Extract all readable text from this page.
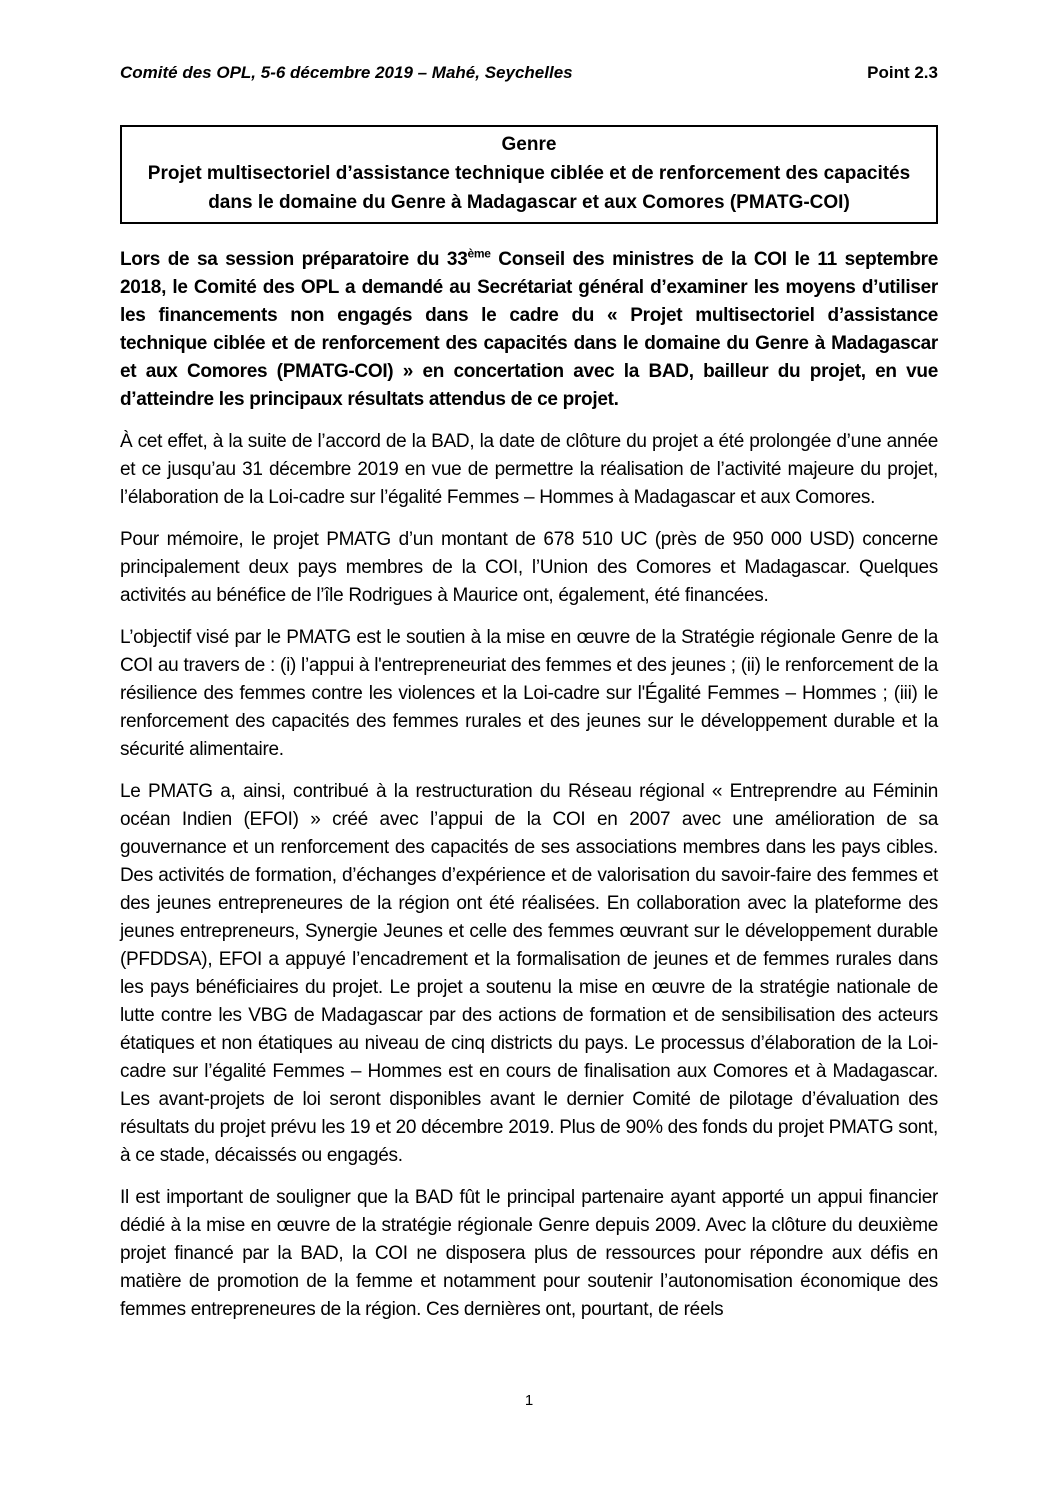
Comité des OPL, 5-6 décembre 2019 – Mahé, Seychelles	Point 2.3
Genre
Projet multisectoriel d’assistance technique ciblée et de renforcement des capacités dans le domaine du Genre à Madagascar et aux Comores (PMATG-COI)

Lors de sa session préparatoire du 33ème Conseil des ministres de la COI le 11 septembre 2018, le Comité des OPL a demandé au Secrétariat général d’examiner les moyens d’utiliser les financements non engagés dans le cadre du « Projet multisectoriel d’assistance technique ciblée et de renforcement des capacités dans le domaine du Genre à Madagascar et aux Comores (PMATG-COI) » en concertation avec la BAD, bailleur du projet, en vue d’atteindre les principaux résultats attendus de ce projet.

À cet effet, à la suite de l’accord de la BAD, la date de clôture du projet a été prolongée d’une année et ce jusqu’au 31 décembre 2019 en vue de permettre la réalisation de l’activité majeure du projet, l’élaboration de la Loi-cadre sur l’égalité Femmes – Hommes à Madagascar et aux Comores.

Pour mémoire, le projet PMATG d’un montant de 678 510 UC (près de 950 000 USD) concerne principalement deux pays membres de la COI, l’Union des Comores et Madagascar. Quelques activités au bénéfice de l’île Rodrigues à Maurice ont, également, été financées.

L’objectif visé par le PMATG est le soutien à la mise en œuvre de la Stratégie régionale Genre de la COI au travers de : (i) l’appui à l'entrepreneuriat des femmes et des jeunes ; (ii) le renforcement de la résilience des femmes contre les violences et la Loi-cadre sur l'Égalité Femmes – Hommes ; (iii) le renforcement des capacités des femmes rurales et des jeunes sur le développement durable et la sécurité alimentaire.

Le PMATG a, ainsi, contribué à la restructuration du Réseau régional « Entreprendre au Féminin océan Indien (EFOI) » créé avec l’appui de la COI en 2007 avec une amélioration de sa gouvernance et un renforcement des capacités de ses associations membres dans les pays cibles. Des activités de formation, d’échanges d’expérience et de valorisation du savoir-faire des femmes et des jeunes entrepreneures de la région ont été réalisées. En collaboration avec la plateforme des jeunes entrepreneurs, Synergie Jeunes et celle des femmes œuvrant sur le développement durable (PFDDSA), EFOI a appuyé l’encadrement et la formalisation de jeunes et de femmes rurales dans les pays bénéficiaires du projet. Le projet a soutenu la mise en œuvre de la stratégie nationale de lutte contre les VBG de Madagascar par des actions de formation et de sensibilisation des acteurs étatiques et non étatiques au niveau de cinq districts du pays. Le processus d’élaboration de la Loi-cadre sur l’égalité Femmes – Hommes est en cours de finalisation aux Comores et à Madagascar. Les avant-projets de loi seront disponibles avant le dernier Comité de pilotage d’évaluation des résultats du projet prévu les 19 et 20 décembre 2019. Plus de 90% des fonds du projet PMATG sont, à ce stade, décaissés ou engagés.

Il est important de souligner que la BAD fût le principal partenaire ayant apporté un appui financier dédié à la mise en œuvre de la stratégie régionale Genre depuis 2009. Avec la clôture du deuxième projet financé par la BAD, la COI ne disposera plus de ressources pour répondre aux défis en matière de promotion de la femme et notamment pour soutenir l’autonomisation économique des femmes entrepreneures de la région. Ces dernières ont, pourtant, de réels

1
